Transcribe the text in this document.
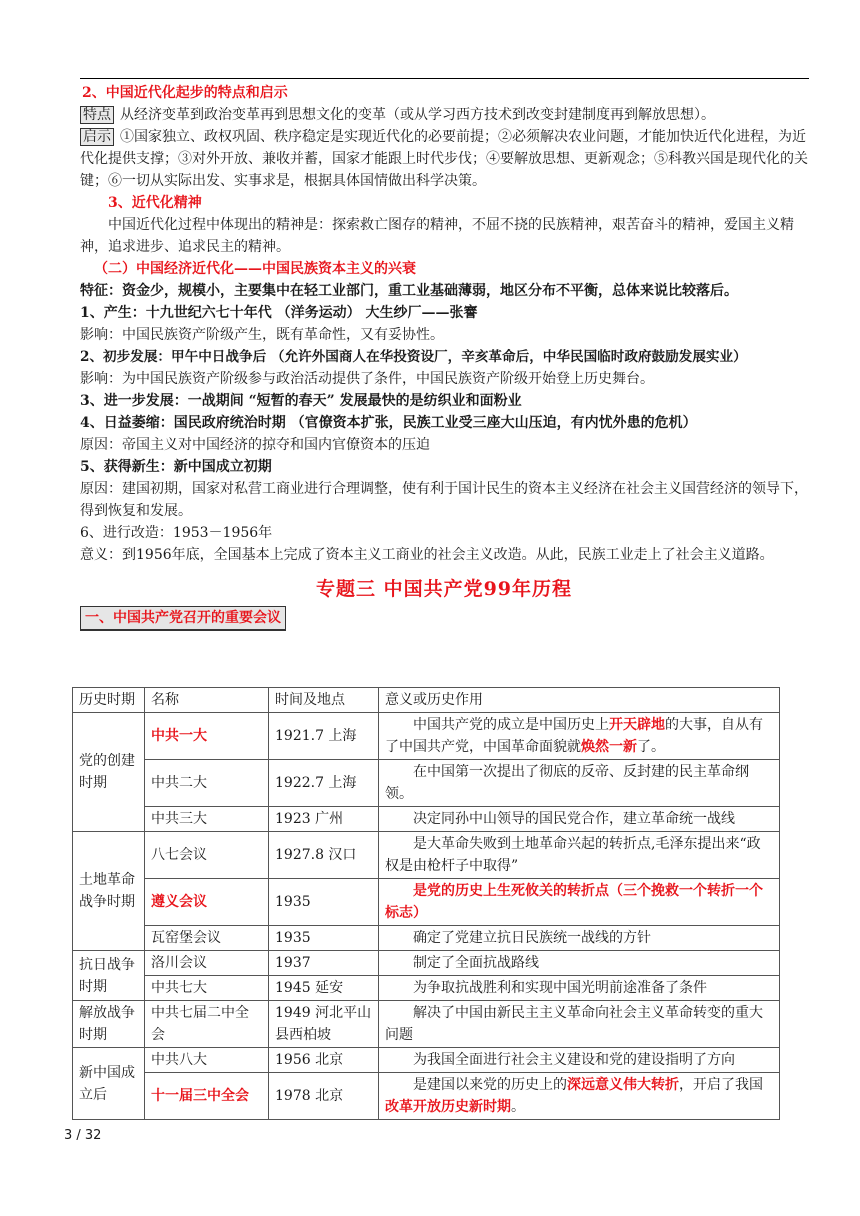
2、中国近代化起步的特点和启示
特点 从经济变革到政治变革再到思想文化的变革（或从学习西方技术到改变封建制度再到解放思想）。
启示 ①国家独立、政权巩固、秩序稳定是实现近代化的必要前提；②必须解决农业问题，才能加快近代化进程，为近代化提供支撑；③对外开放、兼收并蓄，国家才能跟上时代步伐；④要解放思想、更新观念；⑤科教兴国是现代化的关键；⑥一切从实际出发、实事求是，根据具体国情做出科学决策。
3、近代化精神
中国近代化过程中体现出的精神是：探索救亡图存的精神，不屈不挠的民族精神，艰苦奋斗的精神，爱国主义精神，追求进步、追求民主的精神。
（二）中国经济近代化——中国民族资本主义的兴衰
特征：资金少，规模小，主要集中在轻工业部门，重工业基础薄弱，地区分布不平衡，总体来说比较落后。
1、产生：十九世纪六七十年代 （洋务运动） 大生纱厂——张謇
影响：中国民族资产阶级产生，既有革命性，又有妥协性。
2、初步发展：甲午中日战争后 （允许外国商人在华投资设厂，辛亥革命后，中华民国临时政府鼓励发展实业）
影响：为中国民族资产阶级参与政治活动提供了条件，中国民族资产阶级开始登上历史舞台。
3、进一步发展：一战期间 “短暂的春天” 发展最快的是纺织业和面粉业
4、日益萎缩：国民政府统治时期 （官僚资本扩张，民族工业受三座大山压迫，有内忧外患的危机）
原因：帝国主义对中国经济的掠夺和国内官僚资本的压迫
5、获得新生：新中国成立初期
原因：建国初期，国家对私营工商业进行合理调整，使有利于国计民生的资本主义经济在社会主义国营经济的领导下，得到恢复和发展。
6、进行改造：1953－1956年
意义：到1956年底，全国基本上完成了资本主义工商业的社会主义改造。从此，民族工业走上了社会主义道路。
专题三 中国共产党99年历程
一、中国共产党召开的重要会议
历史时期	名称	时间及地点	意义或历史作用
党的创建时期	中共一大	1921.7 上海	中国共产党的成立是中国历史上开天辟地的大事，自从有了中国共产党，中国革命面貌就焕然一新了。
	中共二大	1922.7 上海	在中国第一次提出了彻底的反帝、反封建的民主革命纲领。
	中共三大	1923 广州	决定同孙中山领导的国民党合作，建立革命统一战线
土地革命战争时期	八七会议	1927.8 汉口	是大革命失败到土地革命兴起的转折点,毛泽东提出来“政权是由枪杆子中取得”
	遵义会议	1935	是党的历史上生死攸关的转折点（三个挽救一个转折一个标志）
	瓦窑堡会议	1935	确定了党建立抗日民族统一战线的方针
抗日战争时期	洛川会议	1937	制定了全面抗战路线
	中共七大	1945 延安	为争取抗战胜利和实现中国光明前途准备了条件
解放战争时期	中共七届二中全会	1949 河北平山县西柏坡	解决了中国由新民主主义革命向社会主义革命转变的重大问题
新中国成立后	中共八大	1956 北京	为我国全面进行社会主义建设和党的建设指明了方向
	十一届三中全会	1978 北京	是建国以来党的历史上的深远意义伟大转折，开启了我国改革开放历史新时期。
3 / 32
